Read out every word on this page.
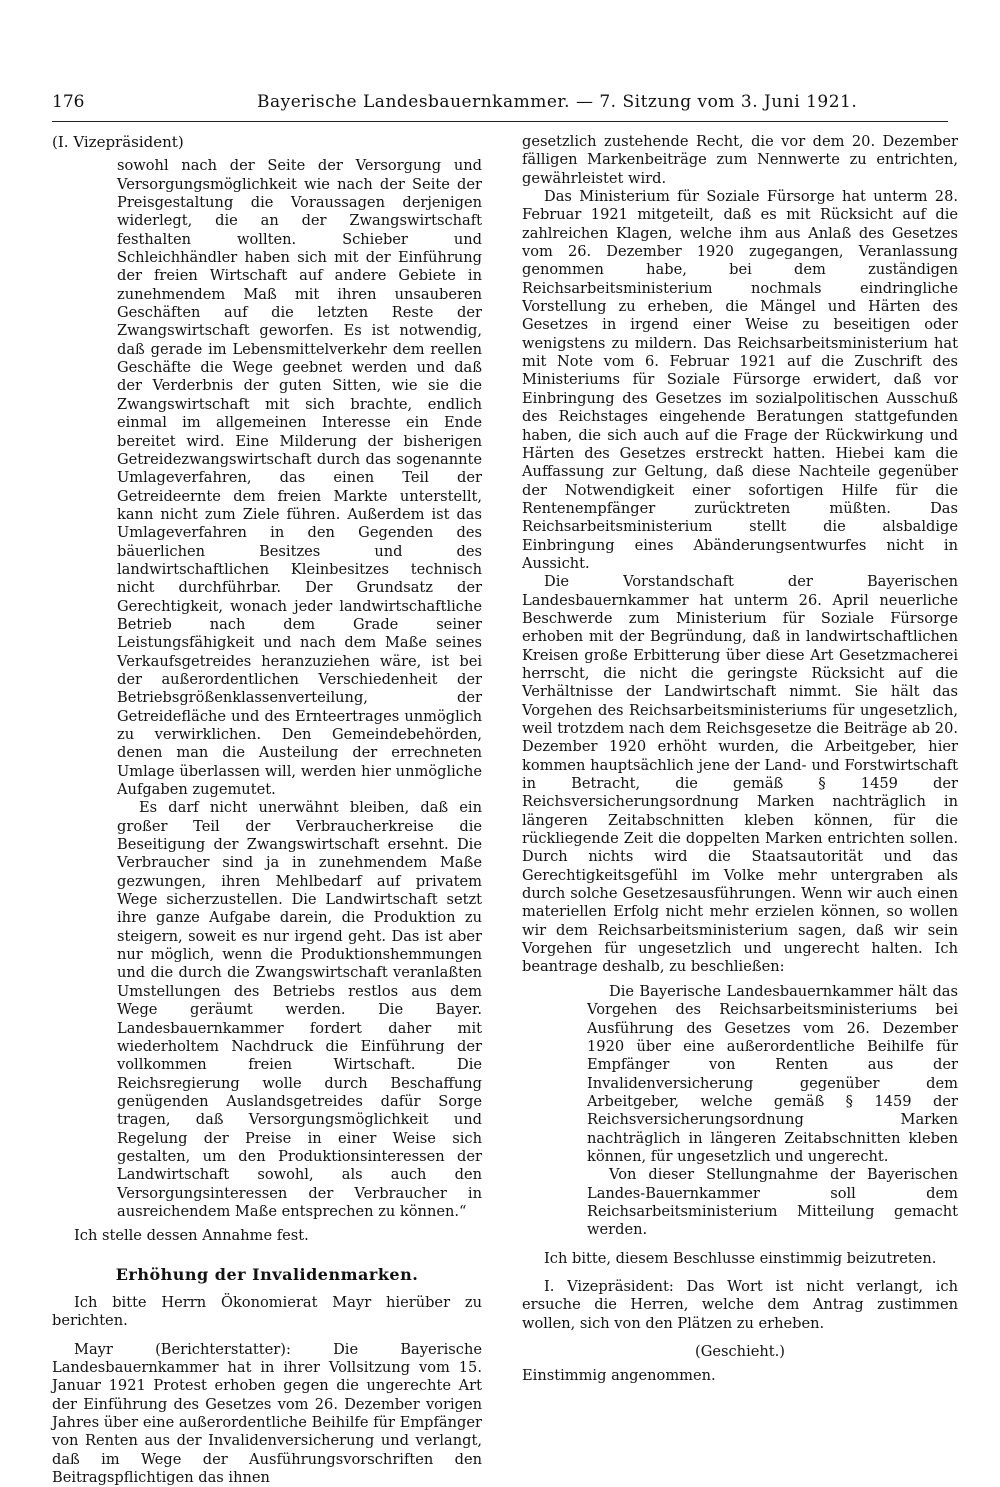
176	Bayerische Landesbauernkammer. — 7. Sitzung vom 3. Juni 1921.

(I. Vizepräsident)

sowohl nach der Seite der Versorgung und Versorgungsmöglichkeit wie nach der Seite der Preisgestaltung die Voraussagen derjenigen widerlegt, die an der Zwangswirtschaft festhalten wollten. Schieber und Schleichhändler haben sich mit der Einführung der freien Wirtschaft auf andere Gebiete in zunehmendem Maß mit ihren unsauberen Geschäften auf die letzten Reste der Zwangswirtschaft geworfen. Es ist notwendig, daß gerade im Lebensmittelverkehr dem reellen Geschäfte die Wege geebnet werden und daß der Verderbnis der guten Sitten, wie sie die Zwangswirtschaft mit sich brachte, endlich einmal im allgemeinen Interesse ein Ende bereitet wird. Eine Milderung der bisherigen Getreidezwangswirtschaft durch das sogenannte Umlageverfahren, das einen Teil der Getreideernte dem freien Markte unterstellt, kann nicht zum Ziele führen. Außerdem ist das Umlageverfahren in den Gegenden des bäuerlichen Besitzes und des landwirtschaftlichen Kleinbesitzes technisch nicht durchführbar. Der Grundsatz der Gerechtigkeit, wonach jeder landwirtschaftliche Betrieb nach dem Grade seiner Leistungsfähigkeit und nach dem Maße seines Verkaufsgetreides heranzuziehen wäre, ist bei der außerordentlichen Verschiedenheit der Betriebsgrößenklassenverteilung, der Getreidefläche und des Ernteertrages unmöglich zu verwirklichen. Den Gemeindebehörden, denen man die Austeilung der errechneten Umlage überlassen will, werden hier unmögliche Aufgaben zugemutet.

Es darf nicht unerwähnt bleiben, daß ein großer Teil der Verbraucherkreise die Beseitigung der Zwangswirtschaft ersehnt. Die Verbraucher sind ja in zunehmendem Maße gezwungen, ihren Mehlbedarf auf privatem Wege sicherzustellen. Die Landwirtschaft setzt ihre ganze Aufgabe darein, die Produktion zu steigern, soweit es nur irgend geht. Das ist aber nur möglich, wenn die Produktionshemmungen und die durch die Zwangswirtschaft veranlaßten Umstellungen des Betriebs restlos aus dem Wege geräumt werden. Die Bayer. Landesbauernkammer fordert daher mit wiederholtem Nachdruck die Einführung der vollkommen freien Wirtschaft. Die Reichsregierung wolle durch Beschaffung genügenden Auslandsgetreides dafür Sorge tragen, daß Versorgungsmöglichkeit und Regelung der Preise in einer Weise sich gestalten, um den Produktionsinteressen der Landwirtschaft sowohl, als auch den Versorgungsinteressen der Verbraucher in ausreichendem Maße entsprechen zu können.“

Ich stelle dessen Annahme fest.

Erhöhung der Invalidenmarken.

Ich bitte Herrn Ökonomierat Mayr hierüber zu berichten.

Mayr (Berichterstatter): Die Bayerische Landesbauernkammer hat in ihrer Vollsitzung vom 15. Januar 1921 Protest erhoben gegen die ungerechte Art der Einführung des Gesetzes vom 26. Dezember vorigen Jahres über eine außerordentliche Beihilfe für Empfänger von Renten aus der Invalidenversicherung und verlangt, daß im Wege der Ausführungsvorschriften den Beitragspflichtigen das ihnen

gesetzlich zustehende Recht, die vor dem 20. Dezember fälligen Markenbeiträge zum Nennwerte zu entrichten, gewährleistet wird.

Das Ministerium für Soziale Fürsorge hat unterm 28. Februar 1921 mitgeteilt, daß es mit Rücksicht auf die zahlreichen Klagen, welche ihm aus Anlaß des Gesetzes vom 26. Dezember 1920 zugegangen, Veranlassung genommen habe, bei dem zuständigen Reichsarbeitsministerium nochmals eindringliche Vorstellung zu erheben, die Mängel und Härten des Gesetzes in irgend einer Weise zu beseitigen oder wenigstens zu mildern. Das Reichsarbeitsministerium hat mit Note vom 6. Februar 1921 auf die Zuschrift des Ministeriums für Soziale Fürsorge erwidert, daß vor Einbringung des Gesetzes im sozialpolitischen Ausschuß des Reichstages eingehende Beratungen stattgefunden haben, die sich auch auf die Frage der Rückwirkung und Härten des Gesetzes erstreckt hatten. Hiebei kam die Auffassung zur Geltung, daß diese Nachteile gegenüber der Notwendigkeit einer sofortigen Hilfe für die Rentenempfänger zurücktreten müßten. Das Reichsarbeitsministerium stellt die alsbaldige Einbringung eines Abänderungsentwurfes nicht in Aussicht.

Die Vorstandschaft der Bayerischen Landesbauernkammer hat unterm 26. April neuerliche Beschwerde zum Ministerium für Soziale Fürsorge erhoben mit der Begründung, daß in landwirtschaftlichen Kreisen große Erbitterung über diese Art Gesetzmacherei herrscht, die nicht die geringste Rücksicht auf die Verhältnisse der Landwirtschaft nimmt. Sie hält das Vorgehen des Reichsarbeitsministeriums für ungesetzlich, weil trotzdem nach dem Reichsgesetze die Beiträge ab 20. Dezember 1920 erhöht wurden, die Arbeitgeber, hier kommen hauptsächlich jene der Land- und Forstwirtschaft in Betracht, die gemäß § 1459 der Reichsversicherungsordnung Marken nachträglich in längeren Zeitabschnitten kleben können, für die rückliegende Zeit die doppelten Marken entrichten sollen. Durch nichts wird die Staatsautorität und das Gerechtigkeitsgefühl im Volke mehr untergraben als durch solche Gesetzesausführungen. Wenn wir auch einen materiellen Erfolg nicht mehr erzielen können, so wollen wir dem Reichsarbeitsministerium sagen, daß wir sein Vorgehen für ungesetzlich und ungerecht halten. Ich beantrage deshalb, zu beschließen:

Die Bayerische Landesbauernkammer hält das Vorgehen des Reichsarbeitsministeriums bei Ausführung des Gesetzes vom 26. Dezember 1920 über eine außerordentliche Beihilfe für Empfänger von Renten aus der Invalidenversicherung gegenüber dem Arbeitgeber, welche gemäß § 1459 der Reichsversicherungsordnung Marken nachträglich in längeren Zeitabschnitten kleben können, für ungesetzlich und ungerecht.

Von dieser Stellungnahme der Bayerischen Landes-Bauernkammer soll dem Reichsarbeitsministerium Mitteilung gemacht werden.

Ich bitte, diesem Beschlusse einstimmig beizutreten.

I. Vizepräsident: Das Wort ist nicht verlangt, ich ersuche die Herren, welche dem Antrag zustimmen wollen, sich von den Plätzen zu erheben.

(Geschieht.)

Einstimmig angenommen.
